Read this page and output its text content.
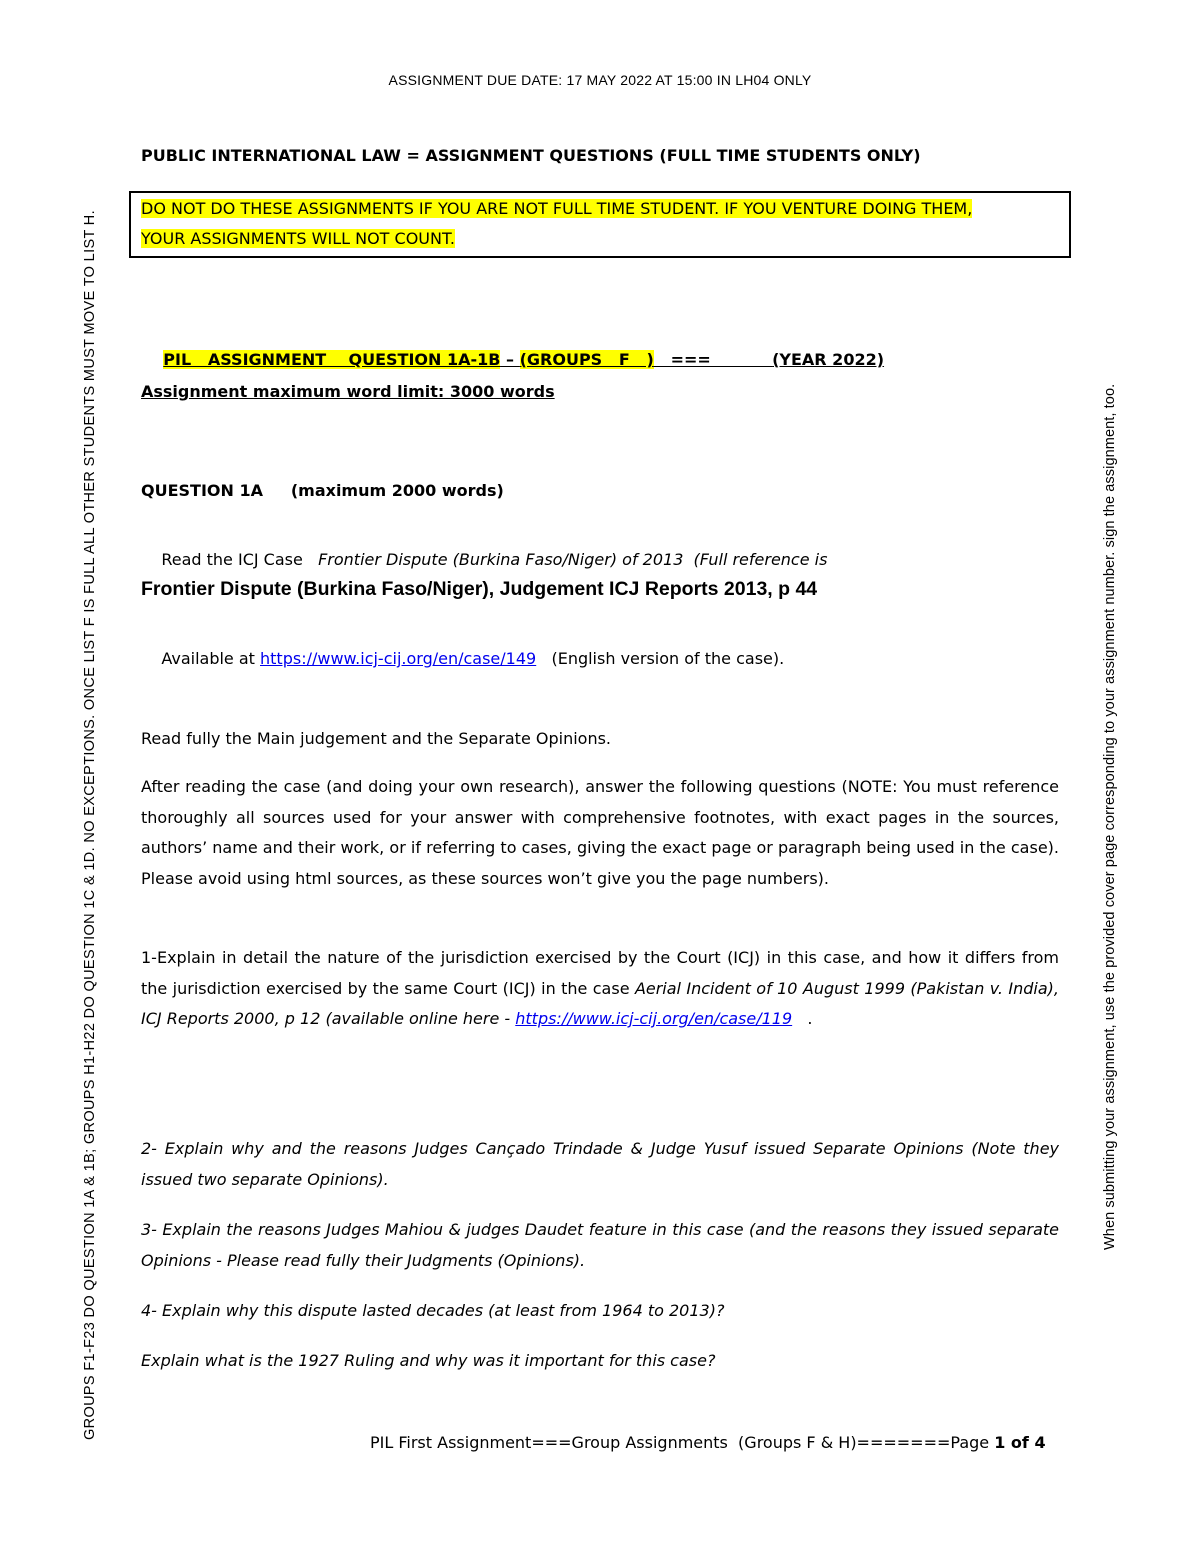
ASSIGNMENT DUE DATE: 17 MAY 2022 AT 15:00 IN LH04 ONLY
GROUPS F1-F23 DO QUESTION 1A & 1B; GROUPS H1-H22 DO QUESTION 1C & 1D. NO EXCEPTIONS. ONCE LIST F IS FULL ALL OTHER STUDENTS MUST MOVE TO LIST H.	When submitting your assignment, use the provided cover page corresponding to your assignment number. sign the assignment, too.
PUBLIC INTERNATIONAL LAW = ASSIGNMENT QUESTIONS (FULL TIME STUDENTS ONLY)
DO NOT DO THESE ASSIGNMENTS IF YOU ARE NOT FULL TIME STUDENT. IF YOU VENTURE DOING THEM,
YOUR ASSIGNMENTS WILL NOT COUNT.

PIL   ASSIGNMENT    QUESTION 1A-1B – (GROUPS   F   )   ===           (YEAR 2022)

Assignment maximum word limit: 3000 words
QUESTION 1A     (maximum 2000 words)

Read the ICJ Case   Frontier Dispute (Burkina Faso/Niger) of 2013  (Full reference is

Frontier Dispute (Burkina Faso/Niger), Judgement ICJ Reports 2013, p 44

Available at https://www.icj-cij.org/en/case/149   (English version of the case).

Read fully the Main judgement and the Separate Opinions.
After reading the case (and doing your own research), answer the following questions (NOTE: You must reference thoroughly all sources used for your answer with comprehensive footnotes, with exact pages in the sources, authors’ name and their work, or if referring to cases, giving the exact page or paragraph being used in the case). Please avoid using html sources, as these sources won’t give you the page numbers).
1-Explain in detail the nature of the jurisdiction exercised by the Court (ICJ) in this case, and how it differs from the jurisdiction exercised by the same Court (ICJ) in the case Aerial Incident of 10 August 1999 (Pakistan v. India), ICJ Reports 2000, p 12 (available online here - https://www.icj-cij.org/en/case/119   .
2- Explain why and the reasons Judges Cançado Trindade & Judge Yusuf issued Separate Opinions (Note they issued two separate Opinions).
3- Explain the reasons Judges Mahiou & judges Daudet feature in this case (and the reasons they issued separate Opinions - Please read fully their Judgments (Opinions).
4- Explain why this dispute lasted decades (at least from 1964 to 2013)?
Explain what is the 1927 Ruling and why was it important for this case?
PIL First Assignment===Group Assignments  (Groups F & H)=======Page 1 of 4
